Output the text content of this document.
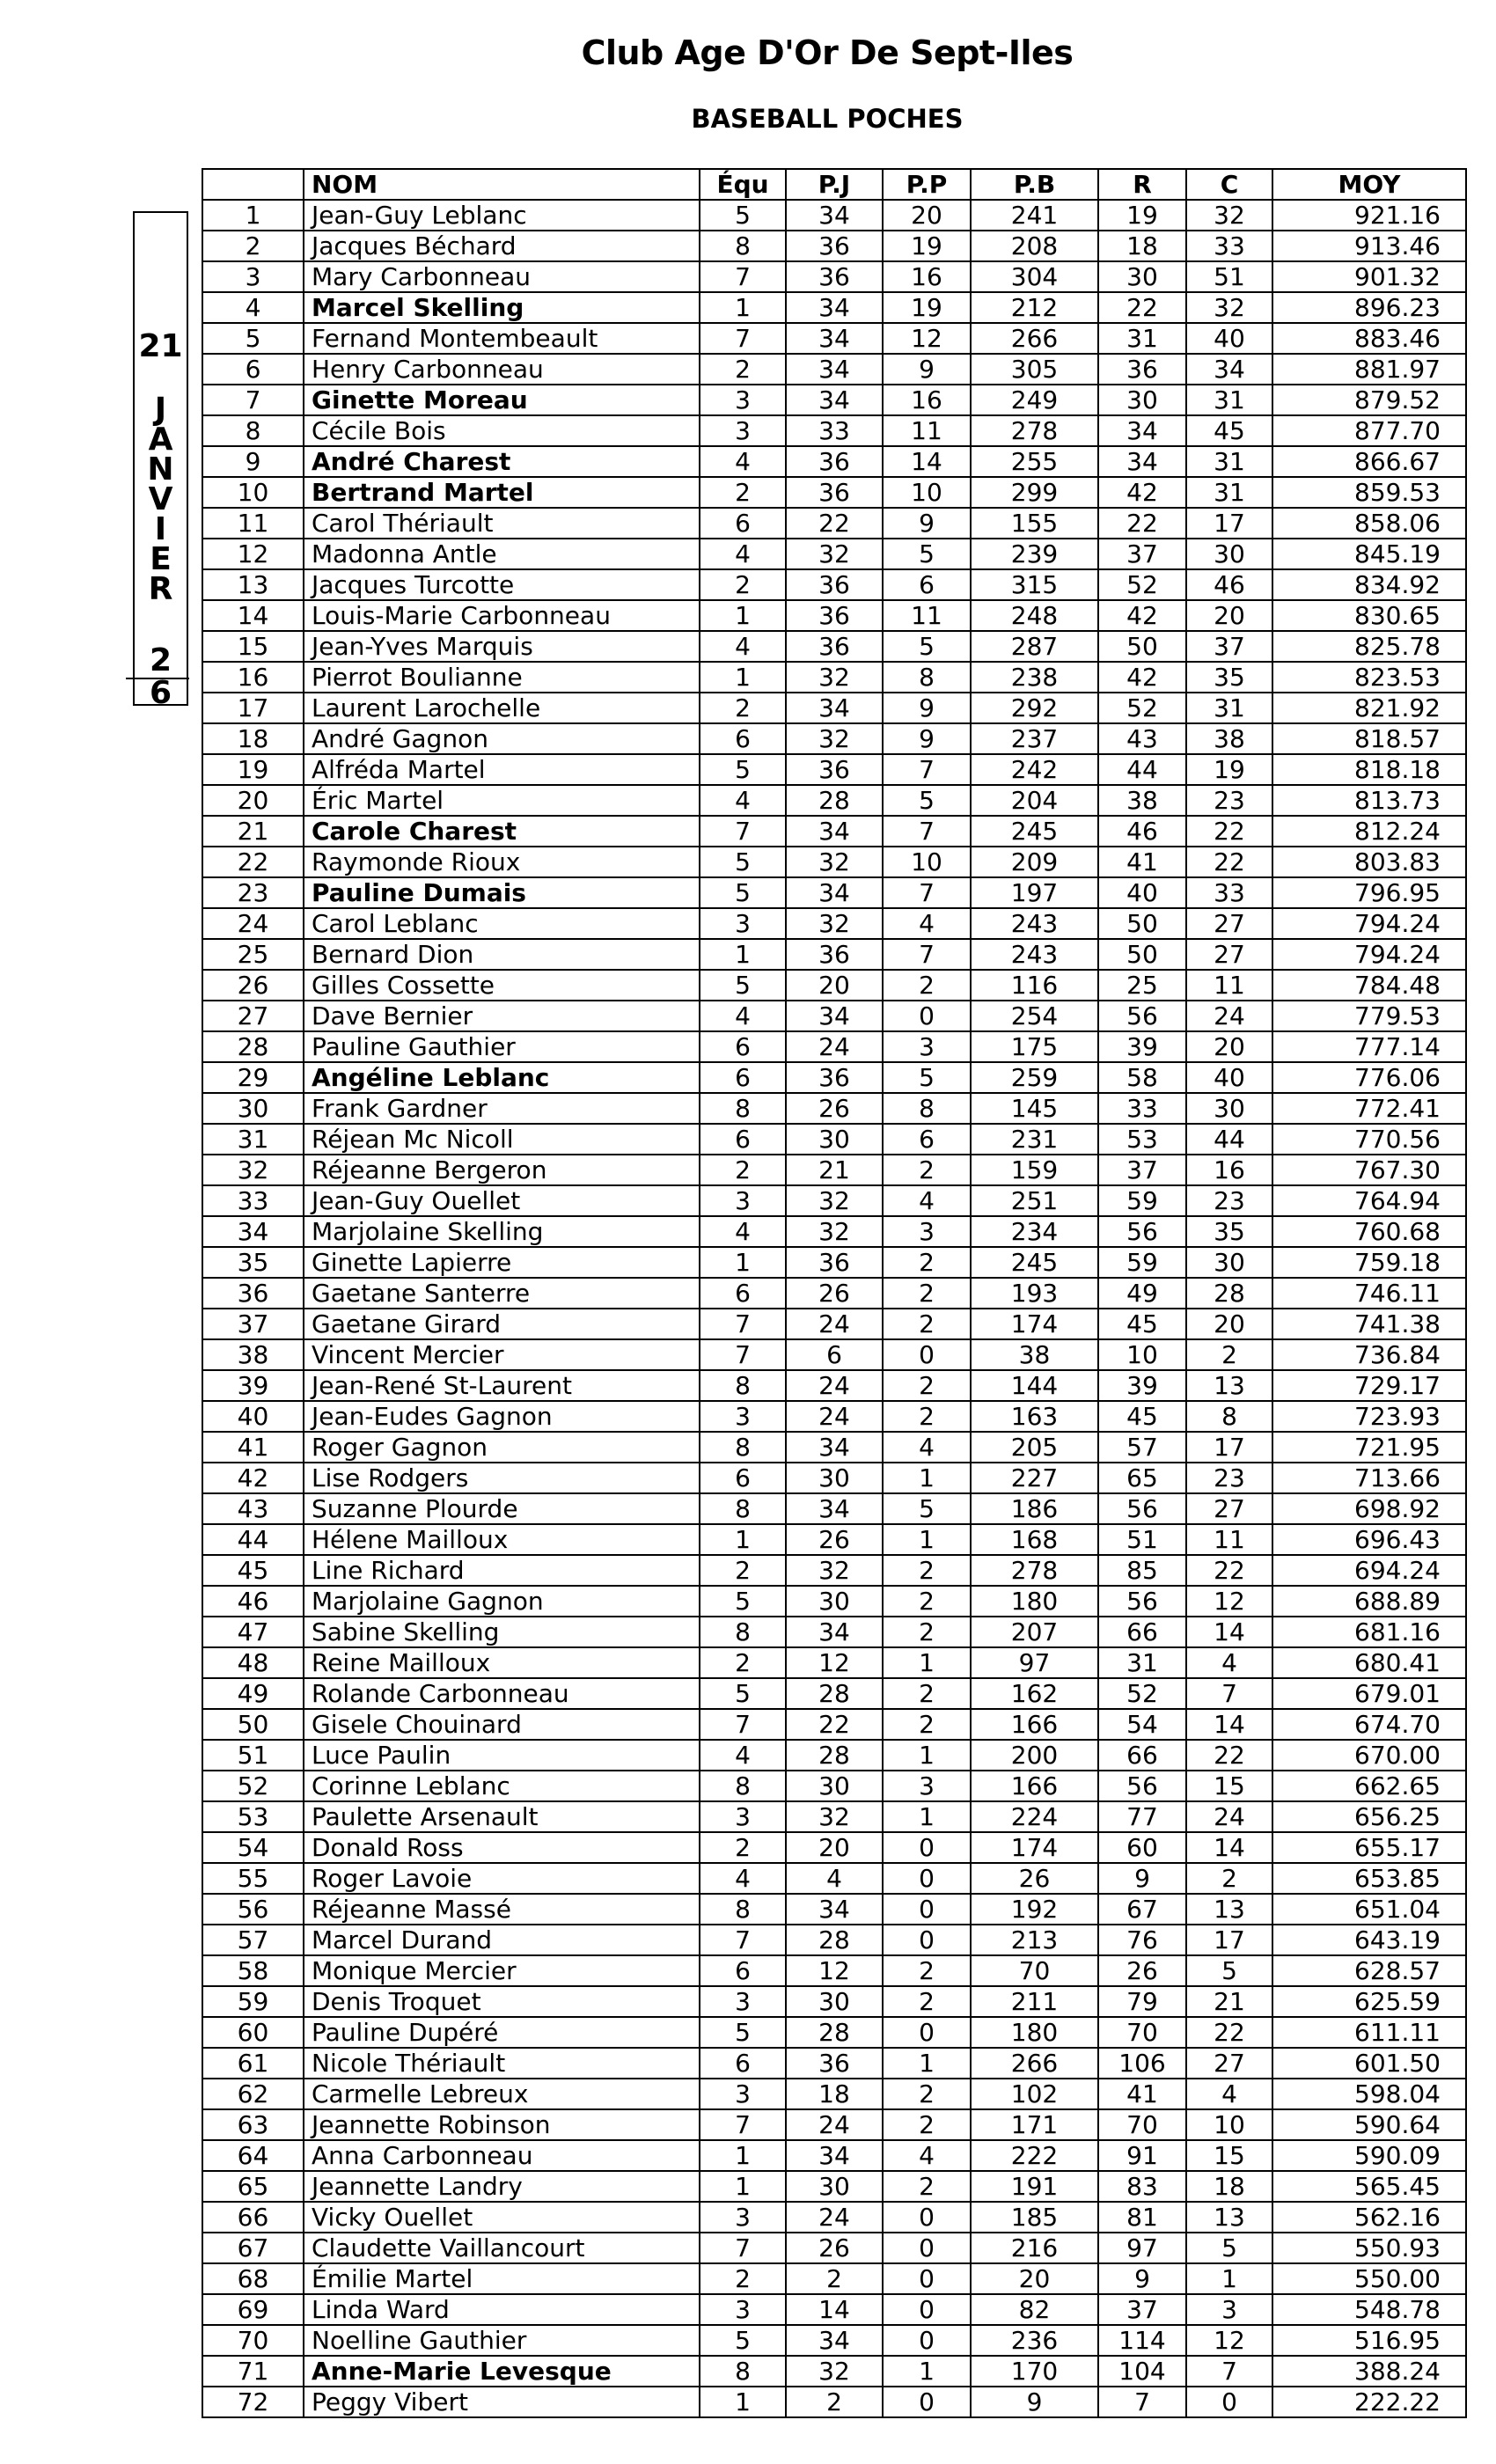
Club Age D'Or De Sept-Iles
BASEBALL POCHES
21
J
A
N
V
I
E
R
2
6
	NOM	Équ	P.J	P.P	P.B	R	C	MOY
1	Jean-Guy Leblanc	5	34	20	241	19	32	921.16
2	Jacques Béchard	8	36	19	208	18	33	913.46
3	Mary Carbonneau	7	36	16	304	30	51	901.32
4	Marcel Skelling	1	34	19	212	22	32	896.23
5	Fernand Montembeault	7	34	12	266	31	40	883.46
6	Henry Carbonneau	2	34	9	305	36	34	881.97
7	Ginette Moreau	3	34	16	249	30	31	879.52
8	Cécile Bois	3	33	11	278	34	45	877.70
9	André Charest	4	36	14	255	34	31	866.67
10	Bertrand Martel	2	36	10	299	42	31	859.53
11	Carol Thériault	6	22	9	155	22	17	858.06
12	Madonna Antle	4	32	5	239	37	30	845.19
13	Jacques Turcotte	2	36	6	315	52	46	834.92
14	Louis-Marie Carbonneau	1	36	11	248	42	20	830.65
15	Jean-Yves Marquis	4	36	5	287	50	37	825.78
16	Pierrot Boulianne	1	32	8	238	42	35	823.53
17	Laurent Larochelle	2	34	9	292	52	31	821.92
18	André Gagnon	6	32	9	237	43	38	818.57
19	Alfréda Martel	5	36	7	242	44	19	818.18
20	Éric Martel	4	28	5	204	38	23	813.73
21	Carole Charest	7	34	7	245	46	22	812.24
22	Raymonde Rioux	5	32	10	209	41	22	803.83
23	Pauline Dumais	5	34	7	197	40	33	796.95
24	Carol Leblanc	3	32	4	243	50	27	794.24
25	Bernard Dion	1	36	7	243	50	27	794.24
26	Gilles Cossette	5	20	2	116	25	11	784.48
27	Dave Bernier	4	34	0	254	56	24	779.53
28	Pauline Gauthier	6	24	3	175	39	20	777.14
29	Angéline Leblanc	6	36	5	259	58	40	776.06
30	Frank Gardner	8	26	8	145	33	30	772.41
31	Réjean Mc Nicoll	6	30	6	231	53	44	770.56
32	Réjeanne Bergeron	2	21	2	159	37	16	767.30
33	Jean-Guy Ouellet	3	32	4	251	59	23	764.94
34	Marjolaine Skelling	4	32	3	234	56	35	760.68
35	Ginette Lapierre	1	36	2	245	59	30	759.18
36	Gaetane Santerre	6	26	2	193	49	28	746.11
37	Gaetane Girard	7	24	2	174	45	20	741.38
38	Vincent Mercier	7	6	0	38	10	2	736.84
39	Jean-René St-Laurent	8	24	2	144	39	13	729.17
40	Jean-Eudes Gagnon	3	24	2	163	45	8	723.93
41	Roger Gagnon	8	34	4	205	57	17	721.95
42	Lise Rodgers	6	30	1	227	65	23	713.66
43	Suzanne Plourde	8	34	5	186	56	27	698.92
44	Hélene Mailloux	1	26	1	168	51	11	696.43
45	Line Richard	2	32	2	278	85	22	694.24
46	Marjolaine Gagnon	5	30	2	180	56	12	688.89
47	Sabine Skelling	8	34	2	207	66	14	681.16
48	Reine Mailloux	2	12	1	97	31	4	680.41
49	Rolande Carbonneau	5	28	2	162	52	7	679.01
50	Gisele Chouinard	7	22	2	166	54	14	674.70
51	Luce Paulin	4	28	1	200	66	22	670.00
52	Corinne Leblanc	8	30	3	166	56	15	662.65
53	Paulette Arsenault	3	32	1	224	77	24	656.25
54	Donald Ross	2	20	0	174	60	14	655.17
55	Roger Lavoie	4	4	0	26	9	2	653.85
56	Réjeanne Massé	8	34	0	192	67	13	651.04
57	Marcel Durand	7	28	0	213	76	17	643.19
58	Monique Mercier	6	12	2	70	26	5	628.57
59	Denis Troquet	3	30	2	211	79	21	625.59
60	Pauline Dupéré	5	28	0	180	70	22	611.11
61	Nicole Thériault	6	36	1	266	106	27	601.50
62	Carmelle Lebreux	3	18	2	102	41	4	598.04
63	Jeannette Robinson	7	24	2	171	70	10	590.64
64	Anna Carbonneau	1	34	4	222	91	15	590.09
65	Jeannette Landry	1	30	2	191	83	18	565.45
66	Vicky Ouellet	3	24	0	185	81	13	562.16
67	Claudette Vaillancourt	7	26	0	216	97	5	550.93
68	Émilie Martel	2	2	0	20	9	1	550.00
69	Linda Ward	3	14	0	82	37	3	548.78
70	Noelline Gauthier	5	34	0	236	114	12	516.95
71	Anne-Marie Levesque	8	32	1	170	104	7	388.24
72	Peggy Vibert	1	2	0	9	7	0	222.22
